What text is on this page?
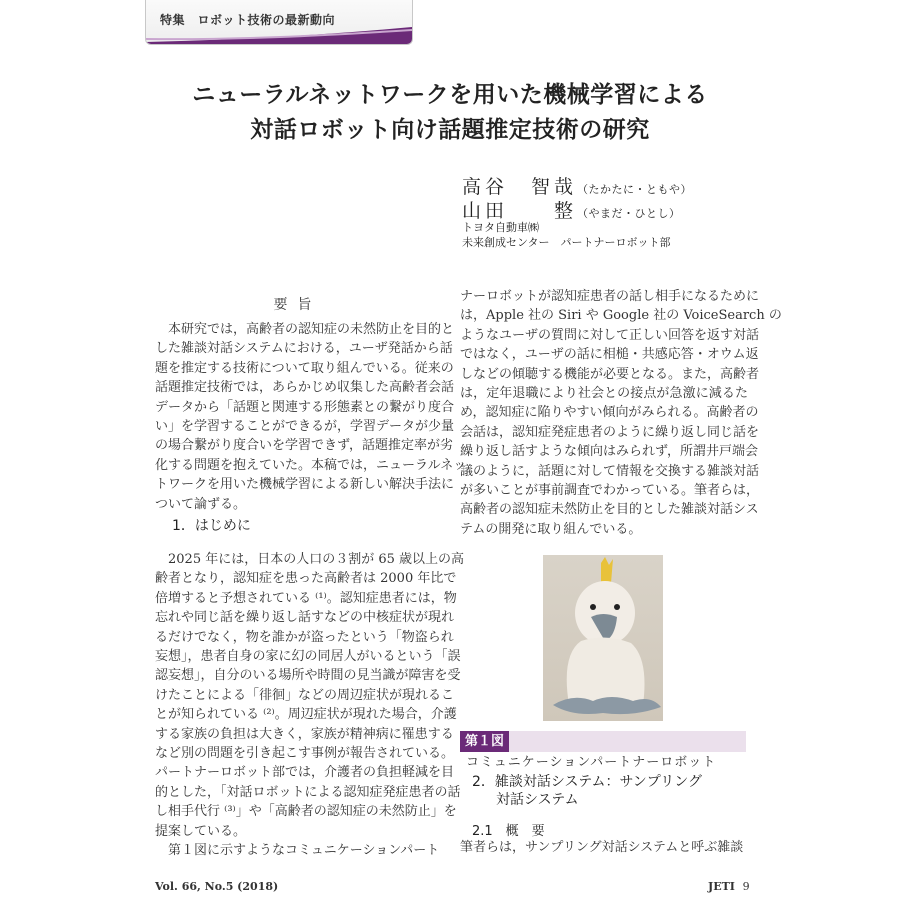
特集　ロボット技術の最新動向
ニューラルネットワークを用いた機械学習による
対話ロボット向け話題推定技術の研究
高谷　智哉（たかたに・ともや）
山田　　整（やまだ・ひとし）
トヨタ自動車㈱
未来創成センター　パートナーロボット部
要旨
本研究では，高齢者の認知症の未然防止を目的と
した雑談対話システムにおける，ユーザ発話から話
題を推定する技術について取り組んでいる。従来の
話題推定技術では，あらかじめ収集した高齢者会話
データから「話題と関連する形態素との繋がり度合
い」を学習することができるが，学習データが少量
の場合繋がり度合いを学習できず，話題推定率が劣
化する問題を抱えていた。本稿では，ニューラルネッ
トワークを用いた機械学習による新しい解決手法に
ついて論ずる。
1．はじめに
2025 年には，日本の人口の３割が 65 歳以上の高
齢者となり，認知症を患った高齢者は 2000 年比で
倍増すると予想されている ⁽¹⁾。認知症患者には，物
忘れや同じ話を繰り返し話すなどの中核症状が現れ
るだけでなく，物を誰かが盗ったという「物盗られ
妄想」，患者自身の家に幻の同居人がいるという「誤
認妄想」，自分のいる場所や時間の見当識が障害を受
けたことによる「徘徊」などの周辺症状が現れるこ
とが知られている ⁽²⁾。周辺症状が現れた場合，介護
する家族の負担は大きく，家族が精神病に罹患する
など別の問題を引き起こす事例が報告されている。
パートナーロボット部では，介護者の負担軽減を目
的とした，「対話ロボットによる認知症発症患者の話
し相手代行 ⁽³⁾」や「高齢者の認知症の未然防止」を
提案している。
第１図に示すようなコミュニケーションパート
ナーロボットが認知症患者の話し相手になるために
は，Apple 社の Siri や Google 社の VoiceSearch の
ようなユーザの質問に対して正しい回答を返す対話
ではなく，ユーザの話に相槌・共感応答・オウム返
しなどの傾聴する機能が必要となる。また，高齢者
は，定年退職により社会との接点が急激に減るた
め，認知症に陥りやすい傾向がみられる。高齢者の
会話は，認知症発症患者のように繰り返し同じ話を
繰り返し話すような傾向はみられず，所謂井戸端会
議のように，話題に対して情報を交換する雑談対話
が多いことが事前調査でわかっている。筆者らは，
高齢者の認知症未然防止を目的とした雑談対話シス
テムの開発に取り組んでいる。
第１図コミュニケーションパートナーロボット
2．雑談対話システム：サンプリング
対話システム
2.1　概　要
筆者らは，サンプリング対話システムと呼ぶ雑談
Vol. 66, No.5 (2018)	JETI 9
